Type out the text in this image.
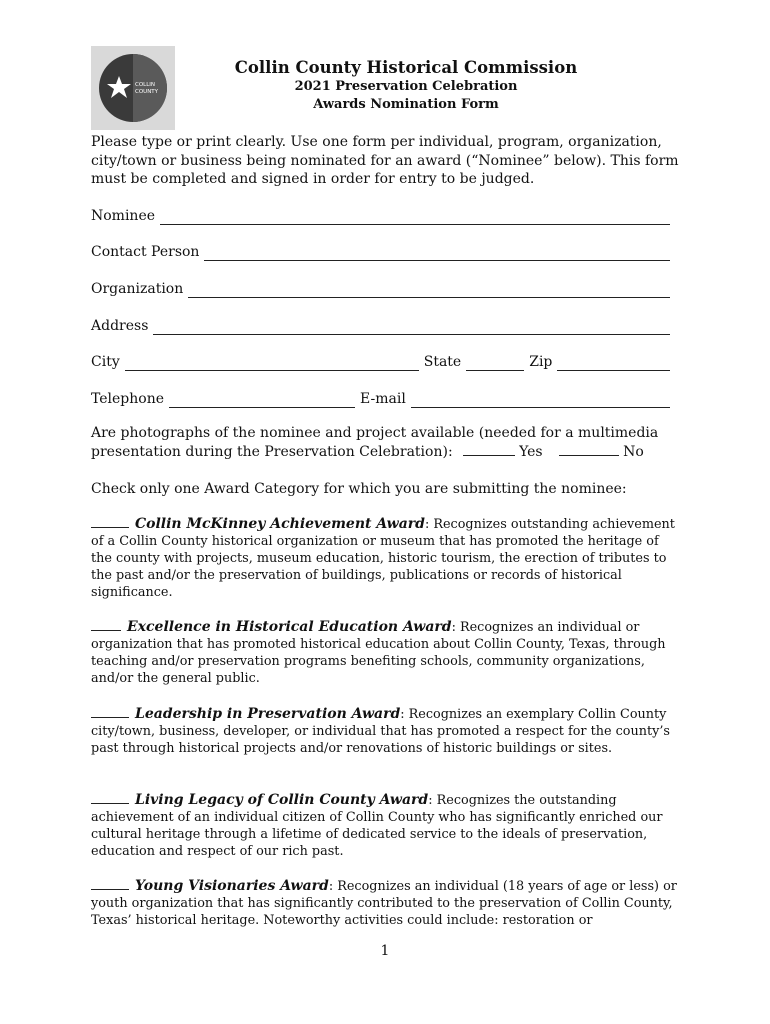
COLLIN
COUNTY
Collin County Historical Commission
2021 Preservation Celebration
Awards Nomination Form
Please type or print clearly. Use one form per individual, program, organization, city/town or business being nominated for an award (“Nominee” below). This form must be completed and signed in order for entry to be judged.
Nominee
Contact Person
Organization
Address
City	State	Zip
Telephone	E-mail
Are photographs of the nominee and project available (needed for a multimedia presentation during the Preservation Celebration):	Yes	No
Check only one Award Category for which you are submitting the nominee:
Collin McKinney Achievement Award: Recognizes outstanding achievement of a Collin County historical organization or museum that has promoted the heritage of the county with projects, museum education, historic tourism, the erection of tributes to the past and/or the preservation of buildings, publications or records of historical significance.
Excellence in Historical Education Award: Recognizes an individual or organization that has promoted historical education about Collin County, Texas, through teaching and/or preservation programs benefiting schools, community organizations, and/or the general public.
Leadership in Preservation Award: Recognizes an exemplary Collin County city/town, business, developer, or individual that has promoted a respect for the county’s past through historical projects and/or renovations of historic buildings or sites.
Living Legacy of Collin County Award: Recognizes the outstanding achievement of an individual citizen of Collin County who has significantly enriched our cultural heritage through a lifetime of dedicated service to the ideals of preservation, education and respect of our rich past.
Young Visionaries Award: Recognizes an individual (18 years of age or less) or youth organization that has significantly contributed to the preservation of Collin County, Texas’ historical heritage. Noteworthy activities could include: restoration or
1
